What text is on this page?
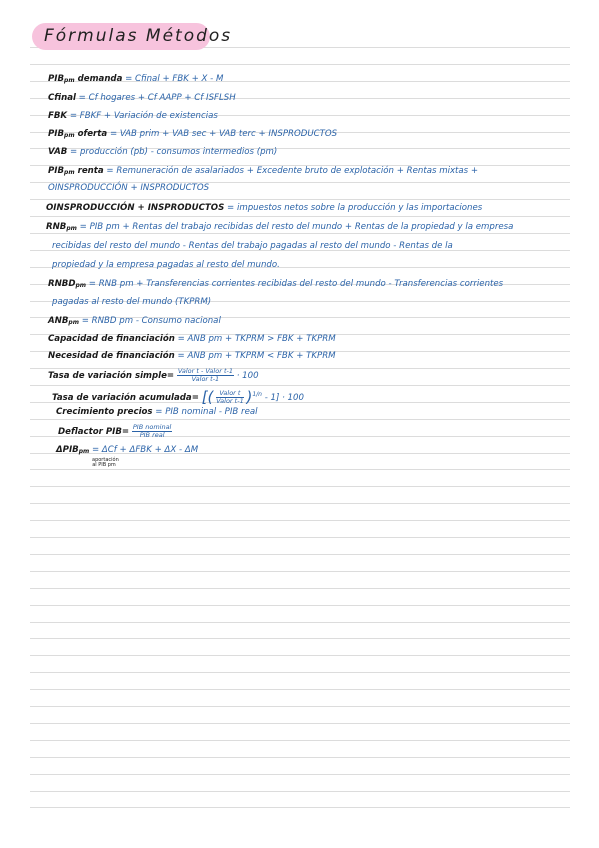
Fórmulas Métodos
PIBpm demanda = Cfinal + FBK + X - M
Cfinal = Cf hogares + Cf AAPP + Cf ISFLSH
FBK = FBKF + Variación de existencias
PIBpm oferta = VAB prim + VAB sec + VAB terc + INSPRODUCTOS
VAB = producción (pb) - consumos intermedios (pm)
PIBpm renta = Remuneración de asalariados + Excedente bruto de explotación + Rentas mixtas +
OINSPRODUCCIÓN + INSPRODUCTOS
OINSPRODUCCIÓN + INSPRODUCTOS = impuestos netos sobre la producción y las importaciones
RNBpm = PIB pm + Rentas del trabajo recibidas del resto del mundo + Rentas de la propiedad y la empresa
recibidas del resto del mundo - Rentas del trabajo pagadas al resto del mundo - Rentas de la
propiedad y la empresa pagadas al resto del mundo.
RNBDpm = RNB pm + Transferencias corrientes recibidas del resto del mundo - Transferencias corrientes
pagadas al resto del mundo (TKPRM)
ANBpm = RNBD pm - Consumo nacional
Capacidad de financiación = ANB pm + TKPRM > FBK + TKPRM
Necesidad de financiación = ANB pm + TKPRM < FBK + TKPRM
Tasa de variación simple= $\frac{\text{Valor t - Valor t-1}}{\text{Valor t-1}} \cdot 100$
Tasa de variación acumulada= [( $\frac{\text{Valor t}}{\text{Valor t-1}} )^{1/n} - 1] \cdot 100$
Crecimiento precios = PIB nominal - PIB real
Deflactor $PIB= \frac{\text{PIB nominal}}{\text{PIB real}}$
ΔPIBpm = ΔCf + ΔFBK + ΔX - ΔM
aportación al PIB pm
